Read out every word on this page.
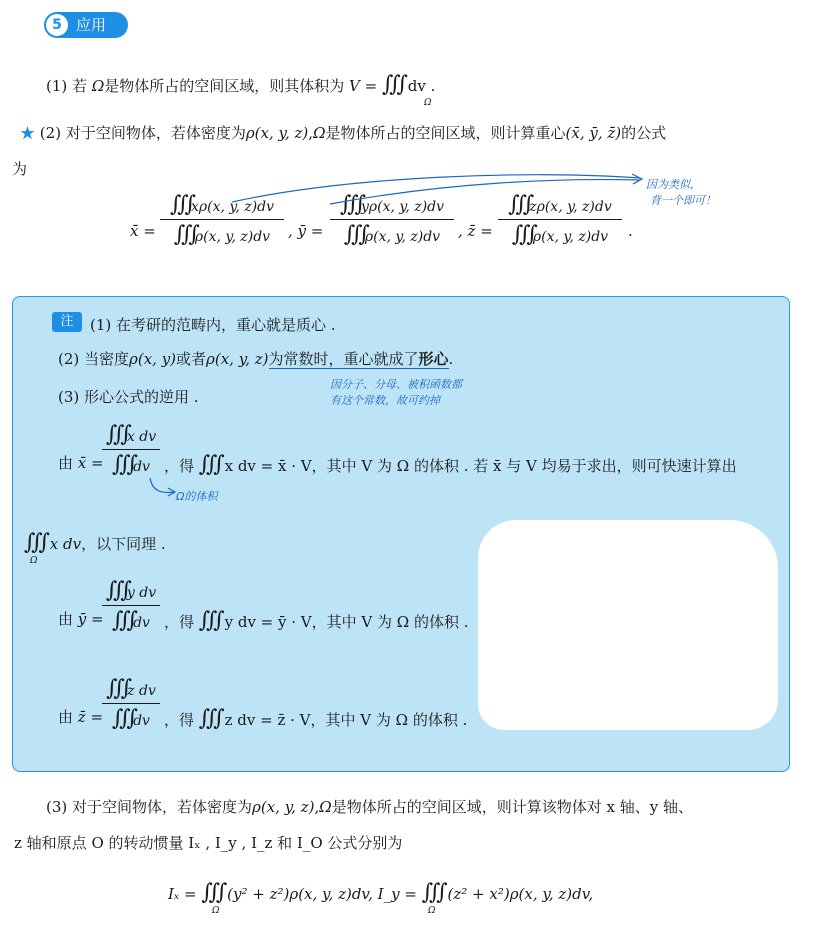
5 应用
(1) 若 Ω是物体所占的空间区域，则其体积为 V = ∭ dv .
Ω
★ (2) 对于空间物体，若体密度为ρ(x, y, z),Ω是物体所占的空间区域，则计算重心(x̄, ȳ, z̄)的公式
为
x̄ =
∭xρ(x, y, z)dv
∭ρ(x, y, z)dv	, ȳ =
∭yρ(x, y, z)dv
∭ρ(x, y, z)dv	, z̄ =
∭zρ(x, y, z)dv
∭ρ(x, y, z)dv	.
因为类似，
背一个即可！
注	(1) 在考研的范畴内，重心就是质心 .
(2) 当密度ρ(x, y)或者ρ(x, y, z)为常数时，重心就成了形心.
因分子、分母、被积函数都
有这个常数，故可约掉
(3) 形心公式的逆用 .
由 x̄ =
∭x dv
∭dv ，得 ∭ x dv = x̄ · V，其中 V 为 Ω 的体积 . 若 x̄ 与 V 均易于求出，则可快速计算出
Ω的体积
∭ x dv，以下同理 .
Ω
由 ȳ =
∭y dv
∭dv ，得 ∭ y dv = ȳ · V，其中 V 为 Ω 的体积 .
由 z̄ =
∭z dv
∭dv ，得 ∭ z dv = z̄ · V，其中 V 为 Ω 的体积 .
(3) 对于空间物体，若体密度为ρ(x, y, z),Ω是物体所占的空间区域，则计算该物体对 x 轴、y 轴、
z 轴和原点 O 的转动惯量 Iₓ , I_y , I_z 和 I_O 公式分别为
Iₓ = ∭ (y² + z²)ρ(x, y, z)dv, I_y = ∭ (z² + x²)ρ(x, y, z)dv,
Ω	Ω
